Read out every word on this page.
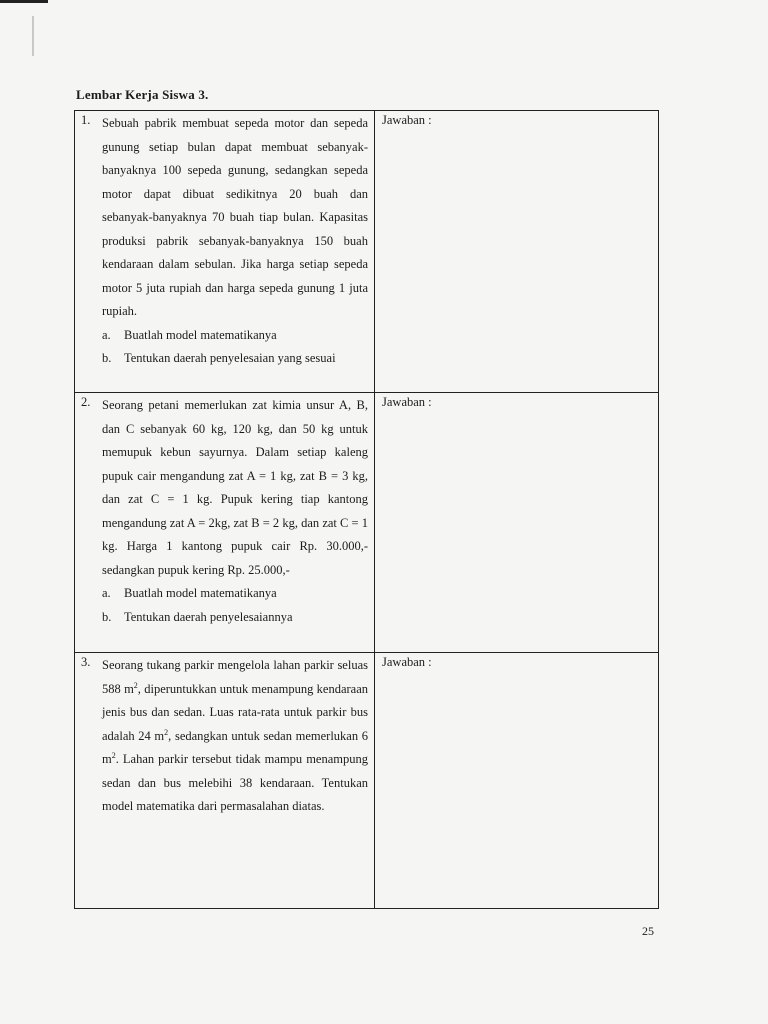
Lembar Kerja Siswa 3.
1. Sebuah pabrik membuat sepeda motor dan sepeda gunung setiap bulan dapat membuat sebanyak-banyaknya 100 sepeda gunung, sedangkan sepeda motor dapat dibuat sedikitnya 20 buah dan sebanyak-banyaknya 70 buah tiap bulan. Kapasitas produksi pabrik sebanyak-banyaknya 150 buah kendaraan dalam sebulan. Jika harga setiap sepeda motor 5 juta rupiah dan harga sepeda gunung 1 juta rupiah.
a. Buatlah model matematikanya
b. Tentukan daerah penyelesaian yang sesuai	Jawaban :

2. Seorang petani memerlukan zat kimia unsur A, B, dan C sebanyak 60 kg, 120 kg, dan 50 kg untuk memupuk kebun sayurnya. Dalam setiap kaleng pupuk cair mengandung zat A = 1 kg, zat B = 3 kg, dan zat C = 1 kg. Pupuk kering tiap kantong mengandung zat A = 2kg, zat B = 2 kg, dan zat C = 1 kg. Harga 1 kantong pupuk cair Rp. 30.000,- sedangkan pupuk kering Rp. 25.000,-
a. Buatlah model matematikanya
b. Tentukan daerah penyelesaiannya	Jawaban :

3. Seorang tukang parkir mengelola lahan parkir seluas 588 $m^2$, diperuntukkan untuk menampung kendaraan jenis bus dan sedan. Luas rata-rata untuk parkir bus adalah 24 $m^2$, sedangkan untuk sedan memerlukan 6 $m^2$. Lahan parkir tersebut tidak mampu menampung sedan dan bus melebihi 38 kendaraan. Tentukan model matematika dari permasalahan diatas.	Jawaban :
25
